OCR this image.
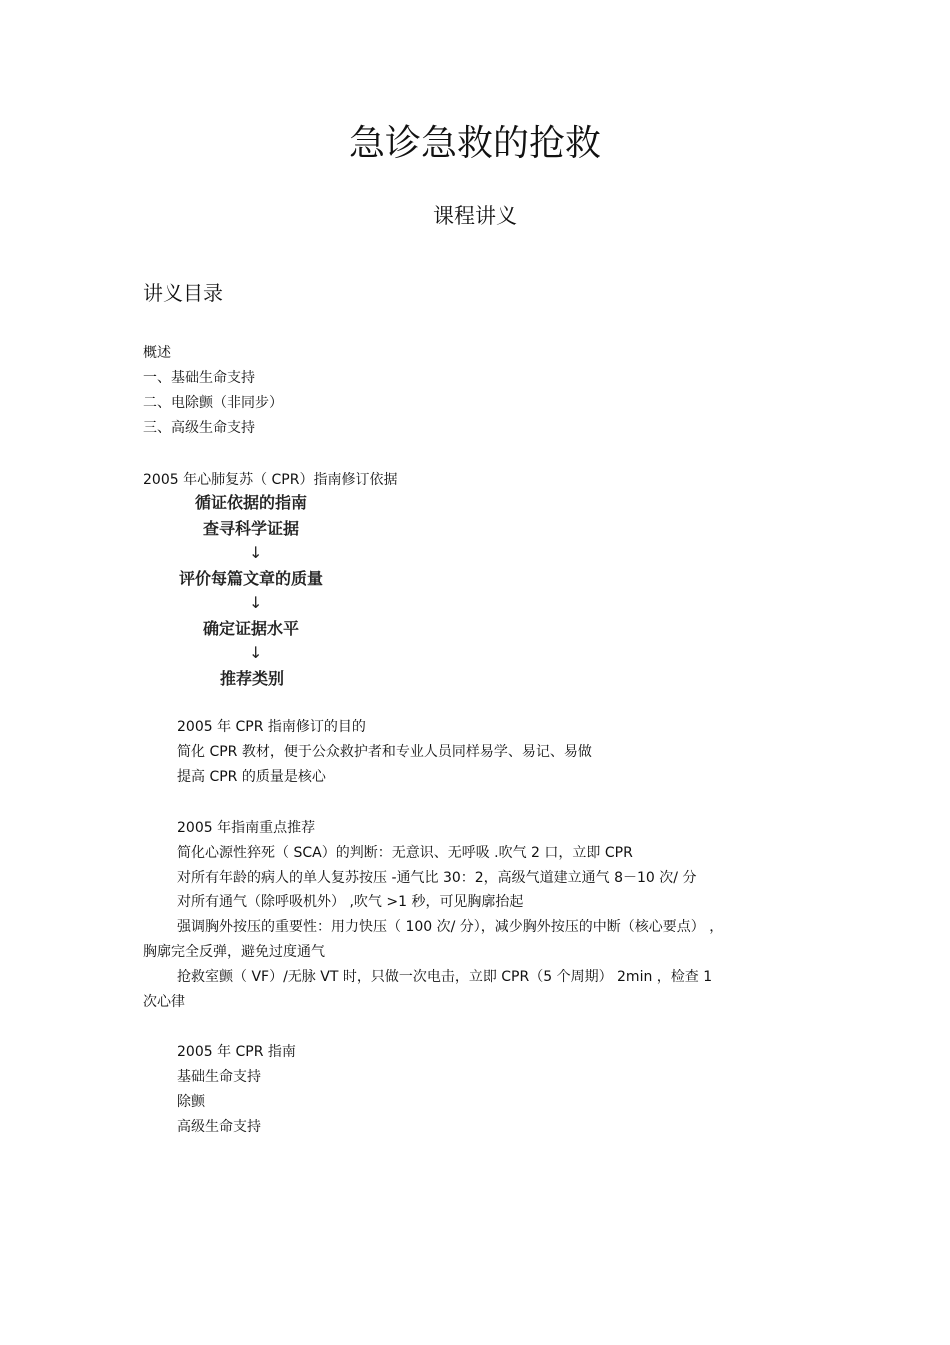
急诊急救的抢救
课程讲义
讲义目录
概述
一、基础生命支持
二、电除颤（非同步）
三、高级生命支持
2005 年心肺复苏（ CPR）指南修订依据
循证依据的指南
查寻科学证据
↓
评价每篇文章的质量
↓
确定证据水平
↓
推荐类别
2005 年 CPR 指南修订的目的
简化 CPR 教材，便于公众救护者和专业人员同样易学、易记、易做
提高 CPR 的质量是核心
2005 年指南重点推荐
简化心源性猝死（ SCA）的判断：无意识、无呼吸 .吹气 2 口，立即 CPR
对所有年龄的病人的单人复苏按压 -通气比 30：2，高级气道建立通气 8－10 次/ 分
对所有通气（除呼吸机外） ,吹气 >1 秒，可见胸廓抬起
强调胸外按压的重要性：用力快压（ 100 次/ 分），减少胸外按压的中断（核心要点） ，
胸廓完全反弹，避免过度通气
抢救室颤（ VF）/无脉 VT 时，只做一次电击，立即 CPR（5 个周期） 2min ，检查 1
次心律
2005 年 CPR 指南
基础生命支持
除颤
高级生命支持
